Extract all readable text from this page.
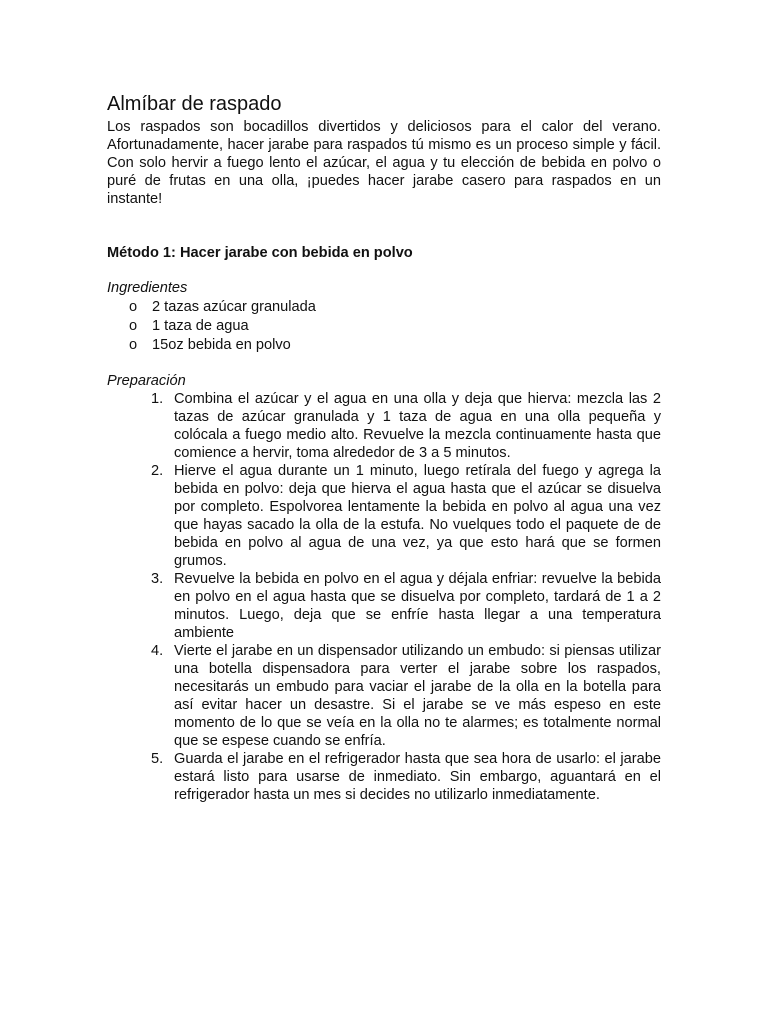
Almíbar de raspado

Los raspados son bocadillos divertidos y deliciosos para el calor del verano. Afortunadamente, hacer jarabe para raspados tú mismo es un proceso simple y fácil. Con solo hervir a fuego lento el azúcar, el agua y tu elección de bebida en polvo o puré de frutas en una olla, ¡puedes hacer jarabe casero para raspados en un instante!

Método 1: Hacer jarabe con bebida en polvo

Ingredientes

o 2 tazas azúcar granulada
o 1 taza de agua
o 15oz bebida en polvo

Preparación

1. Combina el azúcar y el agua en una olla y deja que hierva: mezcla las 2 tazas de azúcar granulada y 1 taza de agua en una olla pequeña y colócala a fuego medio alto. Revuelve la mezcla continuamente hasta que comience a hervir, toma alrededor de 3 a 5 minutos.
2. Hierve el agua durante un 1 minuto, luego retírala del fuego y agrega la bebida en polvo: deja que hierva el agua hasta que el azúcar se disuelva por completo. Espolvorea lentamente la bebida en polvo al agua una vez que hayas sacado la olla de la estufa. No vuelques todo el paquete de de bebida en polvo al agua de una vez, ya que esto hará que se formen grumos.
3. Revuelve la bebida en polvo en el agua y déjala enfriar: revuelve la bebida en polvo en el agua hasta que se disuelva por completo, tardará de 1 a 2 minutos. Luego, deja que se enfríe hasta llegar a una temperatura ambiente
4. Vierte el jarabe en un dispensador utilizando un embudo: si piensas utilizar una botella dispensadora para verter el jarabe sobre los raspados, necesitarás un embudo para vaciar el jarabe de la olla en la botella para así evitar hacer un desastre. Si el jarabe se ve más espeso en este momento de lo que se veía en la olla no te alarmes; es totalmente normal que se espese cuando se enfría.
5. Guarda el jarabe en el refrigerador hasta que sea hora de usarlo: el jarabe estará listo para usarse de inmediato. Sin embargo, aguantará en el refrigerador hasta un mes si decides no utilizarlo inmediatamente.
